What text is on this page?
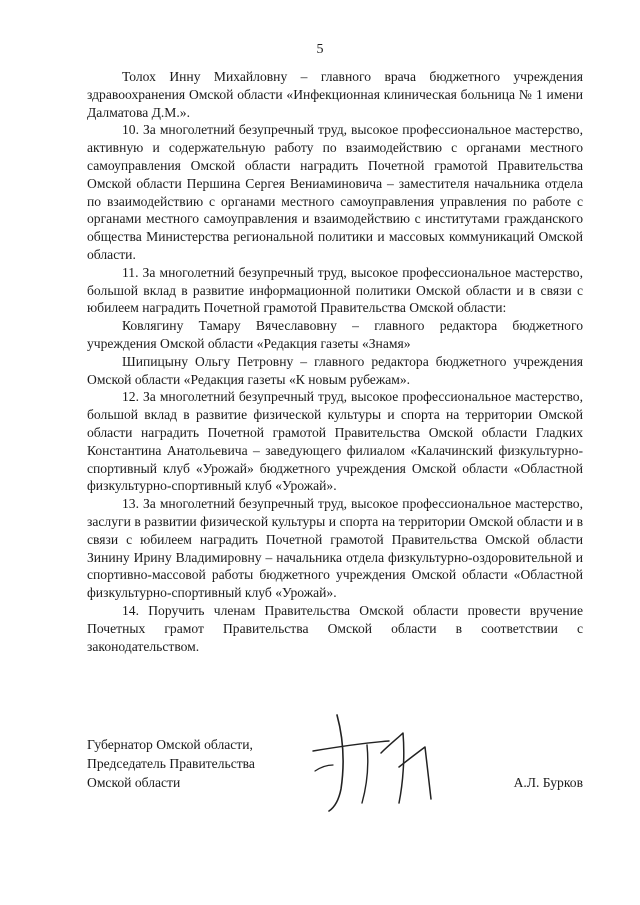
5

Толох Инну Михайловну – главного врача бюджетного учреждения здравоохранения Омской области «Инфекционная клиническая больница № 1 имени Далматова Д.М.».

10. За многолетний безупречный труд, высокое профессиональное мастерство, активную и содержательную работу по взаимодействию с органами местного самоуправления Омской области наградить Почетной грамотой Правительства Омской области Першина Сергея Вениаминовича – заместителя начальника отдела по взаимодействию с органами местного самоуправления управления по работе с органами местного самоуправления и взаимодействию с институтами гражданского общества Министерства региональной политики и массовых коммуникаций Омской области.

11. За многолетний безупречный труд, высокое профессиональное мастерство, большой вклад в развитие информационной политики Омской области и в связи с юбилеем наградить Почетной грамотой Правительства Омской области:

Ковлягину Тамару Вячеславовну – главного редактора бюджетного учреждения Омской области «Редакция газеты «Знамя»

Шипицыну Ольгу Петровну – главного редактора бюджетного учреждения Омской области «Редакция газеты «К новым рубежам».

12. За многолетний безупречный труд, высокое профессиональное мастерство, большой вклад в развитие физической культуры и спорта на территории Омской области наградить Почетной грамотой Правительства Омской области Гладких Константина Анатольевича – заведующего филиалом «Калачинский физкультурно-спортивный клуб «Урожай» бюджетного учреждения Омской области «Областной физкультурно-спортивный клуб «Урожай».

13. За многолетний безупречный труд, высокое профессиональное мастерство, заслуги в развитии физической культуры и спорта на территории Омской области и в связи с юбилеем наградить Почетной грамотой Правительства Омской области Зинину Ирину Владимировну – начальника отдела физкультурно-оздоровительной и спортивно-массовой работы бюджетного учреждения Омской области «Областной физкультурно-спортивный клуб «Урожай».

14. Поручить членам Правительства Омской области провести вручение Почетных грамот Правительства Омской области в соответствии с законодательством.

Губернатор Омской области,
Председатель Правительства
Омской области	А.Л. Бурков
